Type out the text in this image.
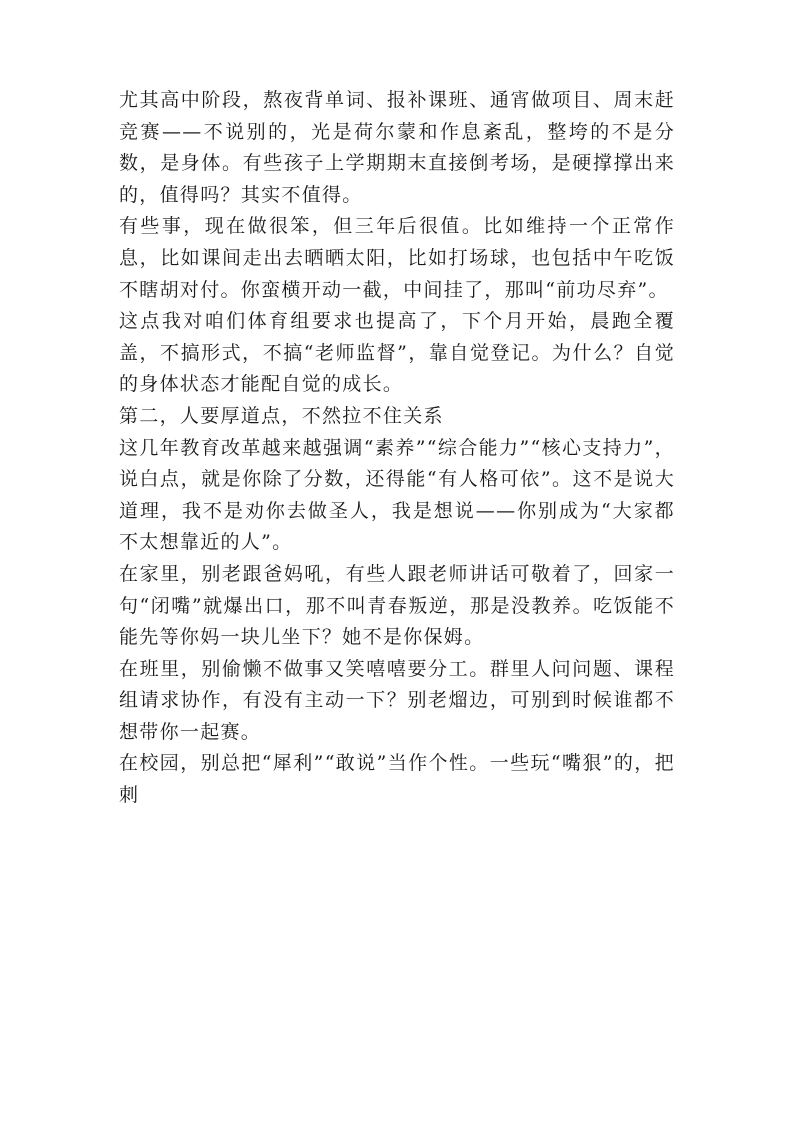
尤其高中阶段，熬夜背单词、报补课班、通宵做项目、周末赶竞赛——不说别的，光是荷尔蒙和作息紊乱，整垮的不是分数，是身体。有些孩子上学期期末直接倒考场，是硬撑撑出来的，值得吗？其实不值得。

有些事，现在做很笨，但三年后很值。比如维持一个正常作息，比如课间走出去晒晒太阳，比如打场球，也包括中午吃饭不瞎胡对付。你蛮横开动一截，中间挂了，那叫“前功尽弃”。

这点我对咱们体育组要求也提高了，下个月开始，晨跑全覆盖，不搞形式，不搞“老师监督”，靠自觉登记。为什么？自觉的身体状态才能配自觉的成长。

第二，人要厚道点，不然拉不住关系

这几年教育改革越来越强调“素养”“综合能力”“核心支持力”，说白点，就是你除了分数，还得能“有人格可依”。这不是说大道理，我不是劝你去做圣人，我是想说——你别成为“大家都不太想靠近的人”。

在家里，别老跟爸妈吼，有些人跟老师讲话可敬着了，回家一句“闭嘴”就爆出口，那不叫青春叛逆，那是没教养。吃饭能不能先等你妈一块儿坐下？她不是你保姆。

在班里，别偷懒不做事又笑嘻嘻要分工。群里人问问题、课程组请求协作，有没有主动一下？别老熘边，可别到时候谁都不想带你一起赛。

在校园，别总把“犀利”“敢说”当作个性。一些玩“嘴狠”的，把刺
